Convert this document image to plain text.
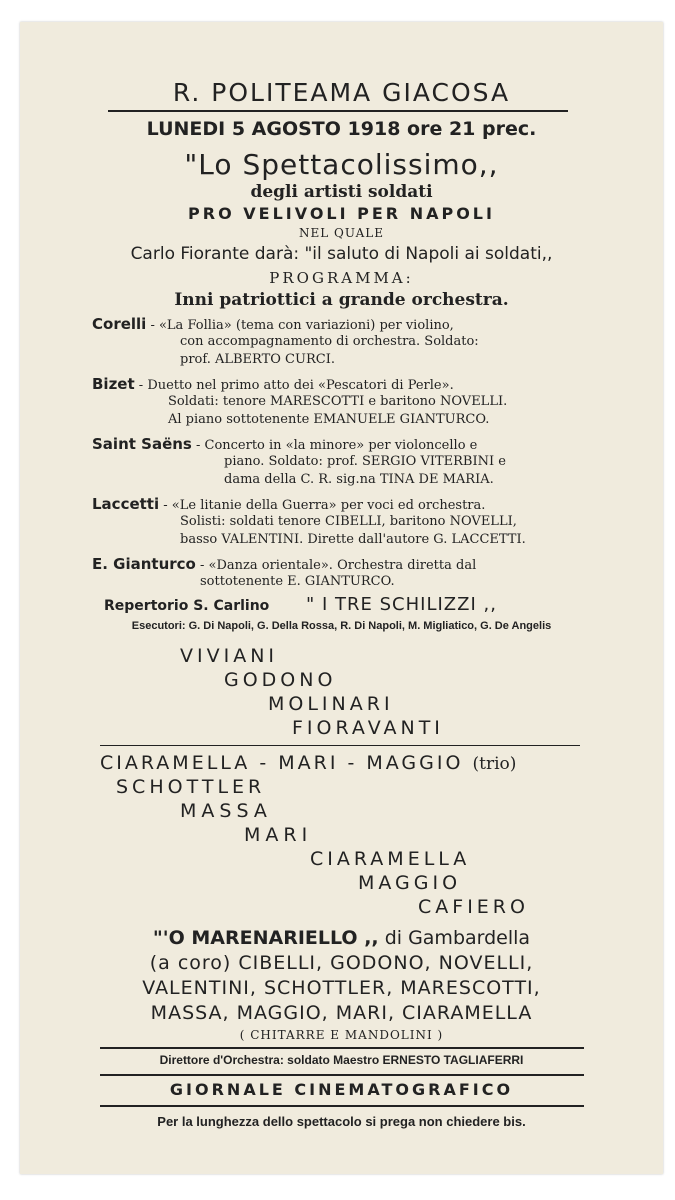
R. POLITEAMA GIACOSA
LUNEDI 5 AGOSTO 1918 ore 21 prec.
"Lo Spettacolissimo,,
degli artisti soldati
PRO VELIVOLI PER NAPOLI
NEL QUALE
Carlo Fiorante darà: "il saluto di Napoli ai soldati,,
PROGRAMMA:
Inni patriottici a grande orchestra.
Corelli - «La Follia» (tema con variazioni) per violino,
con accompagnamento di orchestra. Soldato:
prof. ALBERTO CURCI.
Bizet - Duetto nel primo atto dei «Pescatori di Perle».
Soldati: tenore MARESCOTTI e baritono NOVELLI.
Al piano sottotenente EMANUELE GIANTURCO.
Saint Saëns - Concerto in «la minore» per violoncello e
piano. Soldato: prof. SERGIO VITERBINI e
dama della C. R. sig.na TINA DE MARIA.
Laccetti - «Le litanie della Guerra» per voci ed orchestra.
Solisti: soldati tenore CIBELLI, baritono NOVELLI,
basso VALENTINI. Dirette dall'autore G. LACCETTI.
E. Gianturco - «Danza orientale». Orchestra diretta dal
sottotenente E. GIANTURCO.
Repertorio S. Carlino " I TRE SCHILIZZI ,,
Esecutori: G. Di Napoli, G. Della Rossa, R. Di Napoli, M. Migliatico, G. De Angelis
VIVIANI
GODONO
MOLINARI
FIORAVANTI
CIARAMELLA - MARI - MAGGIO (trio)
SCHOTTLER
MASSA
MARI
CIARAMELLA
MAGGIO
CAFIERO
"'O MARENARIELLO ,, di Gambardella
(a coro) CIBELLI, GODONO, NOVELLI,
VALENTINI, SCHOTTLER, MARESCOTTI,
MASSA, MAGGIO, MARI, CIARAMELLA
( CHITARRE E MANDOLINI )
Direttore d'Orchestra: soldato Maestro ERNESTO TAGLIAFERRI
GIORNALE CINEMATOGRAFICO
Per la lunghezza dello spettacolo si prega non chiedere bis.
